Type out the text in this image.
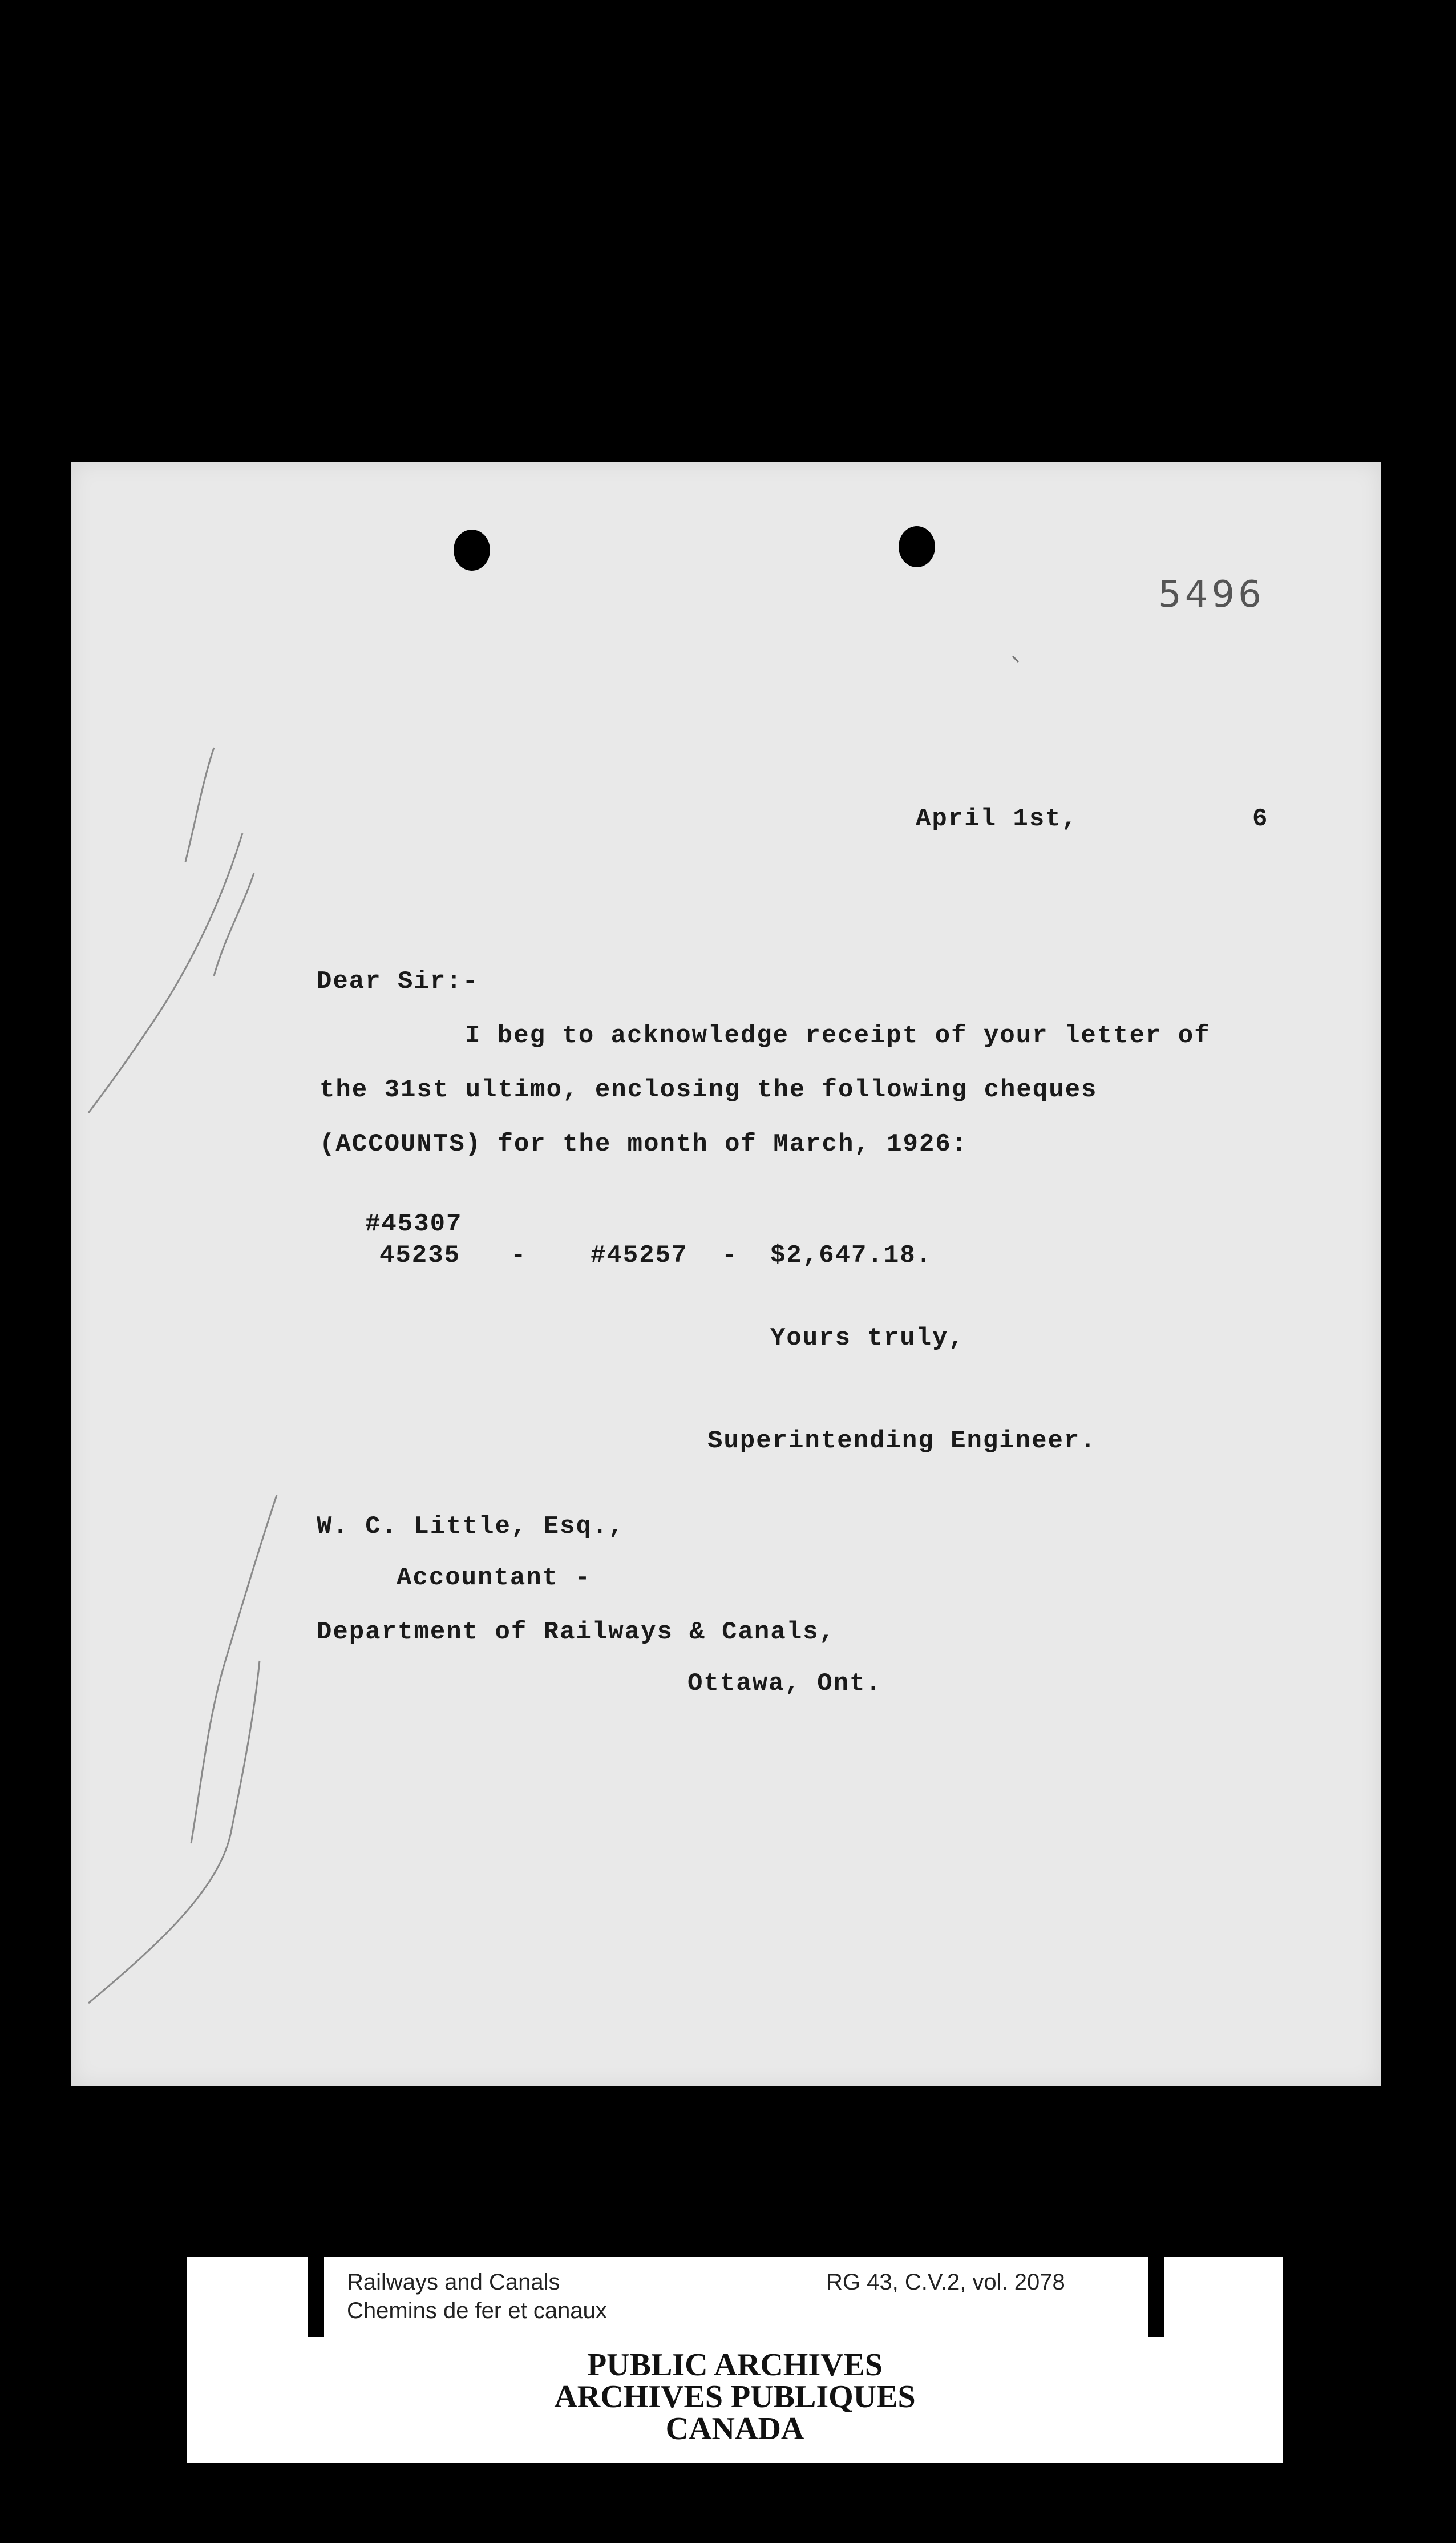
5496
April 1st,	6
Dear Sir:-
I beg to acknowledge receipt of your letter of
the 31st ultimo, enclosing the following cheques
(ACCOUNTS) for the month of March, 1926:
#45307
45235 -	#45257 - $2,647.18.
Yours truly,
Superintending Engineer.
W. C. Little, Esq.,
Accountant -
Department of Railways & Canals,
Ottawa, Ont.
Railways and Canals
Chemins de fer et canaux
RG 43, C.V.2, vol. 2078
PUBLIC ARCHIVES
ARCHIVES PUBLIQUES
CANADA
